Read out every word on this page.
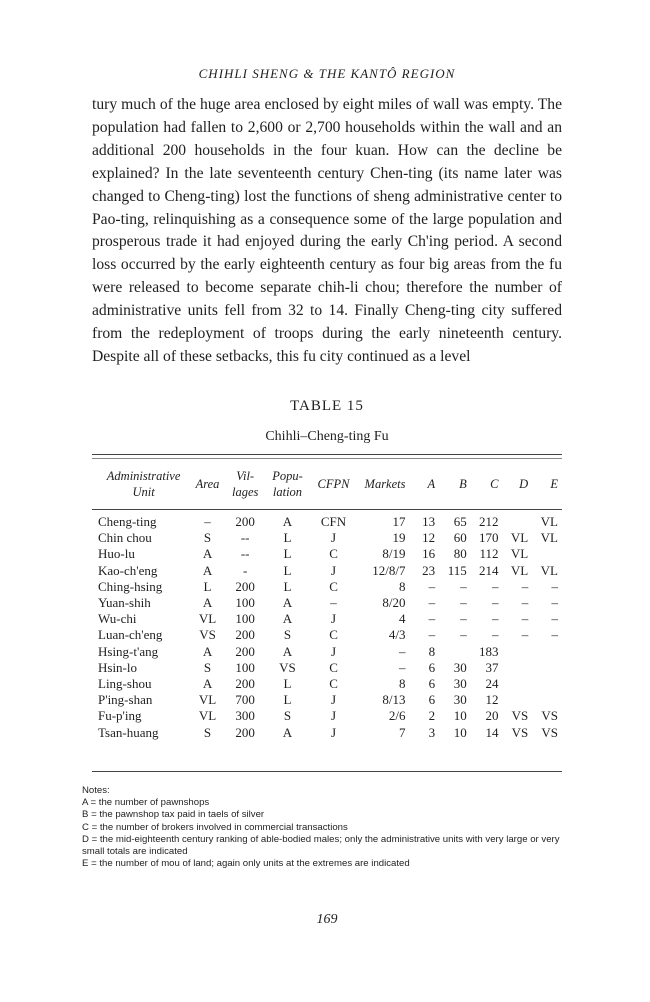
CHIHLI SHENG & THE KANTÔ REGION
tury much of the huge area enclosed by eight miles of wall was empty. The population had fallen to 2,600 or 2,700 households within the wall and an additional 200 households in the four kuan. How can the decline be explained? In the late seventeenth century Chen-ting (its name later was changed to Cheng-ting) lost the functions of sheng administrative center to Pao-ting, relinquishing as a consequence some of the large population and prosperous trade it had enjoyed during the early Ch'ing period. A second loss occurred by the early eighteenth century as four big areas from the fu were released to become separate chih-li chou; therefore the number of administrative units fell from 32 to 14. Finally Cheng-ting city suffered from the redeployment of troops during the early nineteenth century. Despite all of these setbacks, this fu city continued as a level
TABLE 15
Chihli–Cheng-ting Fu
Administrative Unit	Area	Vil-lages	Popu-lation	CFPN	Markets	A	B	C	D	E
Cheng-ting	–	200	A	CFN	17	13	65	212		VL
Chin chou	S	--	L	J	19	12	60	170	VL	VL
Huo-lu	A	--	L	C	8/19	16	80	112	VL	
Kao-ch'eng	A	-	L	J	12/8/7	23	115	214	VL	VL
Ching-hsing	L	200	L	C	8	–	–	–	–	–
Yuan-shih	A	100	A	–	8/20	–	–	–	–	–
Wu-chi	VL	100	A	J	4	–	–	–	–	–
Luan-ch'eng	VS	200	S	C	4/3	–	–	–	–	–
Hsing-t'ang	A	200	A	J	–	8		183		
Hsin-lo	S	100	VS	C	–	6	30	37		
Ling-shou	A	200	L	C	8	6	30	24		
P'ing-shan	VL	700	L	J	8/13	6	30	12		
Fu-p'ing	VL	300	S	J	2/6	2	10	20	VS	VS
Tsan-huang	S	200	A	J	7	3	10	14	VS	VS
Notes:
A = the number of pawnshops
B = the pawnshop tax paid in taels of silver
C = the number of brokers involved in commercial transactions
D = the mid-eighteenth century ranking of able-bodied males; only the administrative units with very large or very small totals are indicated
E = the number of mou of land; again only units at the extremes are indicated
169
